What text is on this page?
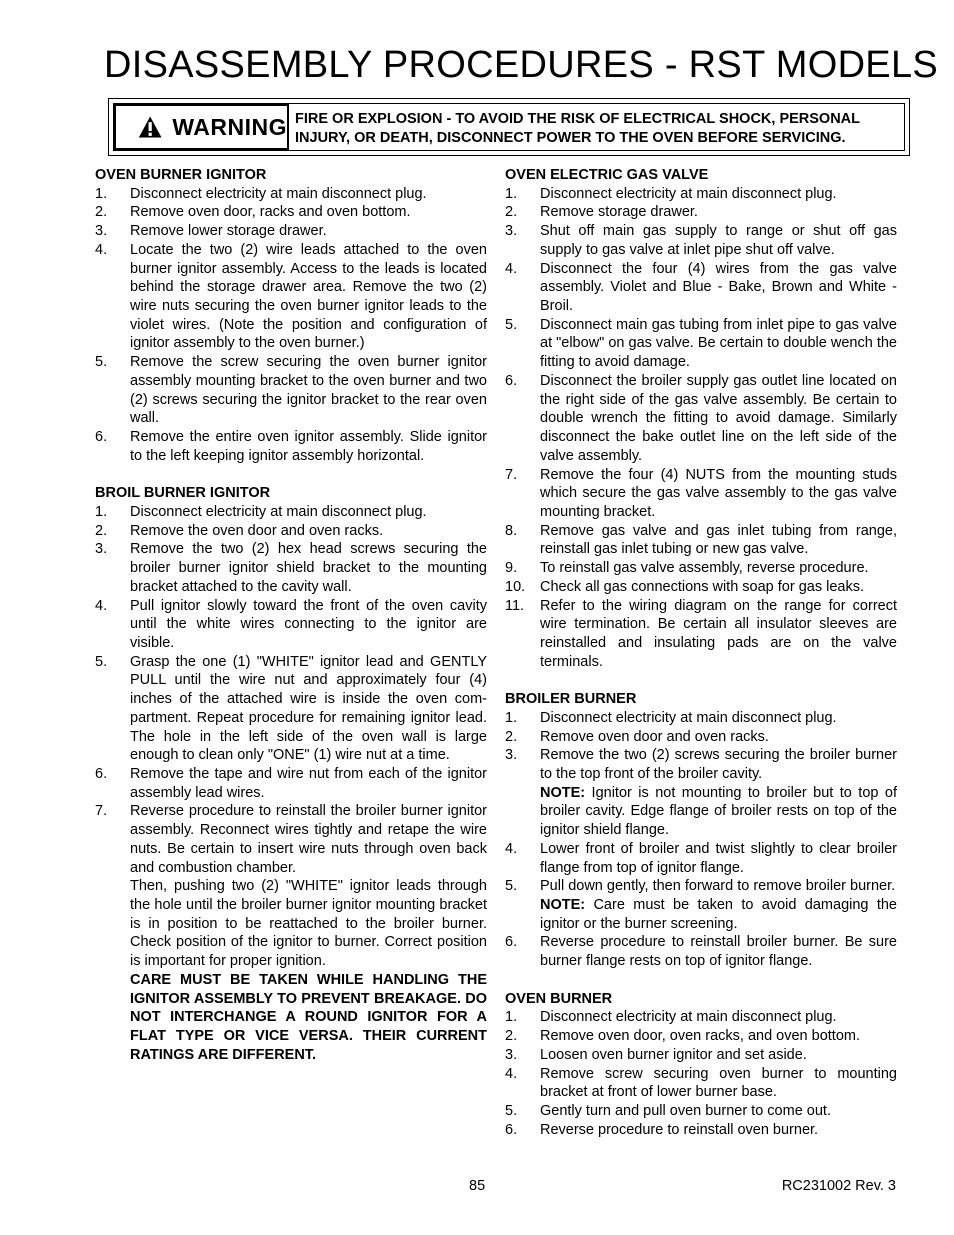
DISASSEMBLY PROCEDURES - RST MODELS
WARNING FIRE OR EXPLOSION - TO AVOID THE RISK OF ELECTRICAL SHOCK, PERSONAL INJURY, OR DEATH, DISCONNECT POWER TO THE OVEN BEFORE SERVICING.
OVEN BURNER IGNITOR
1.	Disconnect electricity at main disconnect plug.
2.	Remove oven door, racks and oven bottom.
3.	Remove lower storage drawer.
4.	Locate the two (2) wire leads attached to the oven burner ignitor assembly. Access to the leads is located behind the storage drawer area. Remove the two (2) wire nuts securing the oven burner ignitor leads to the violet wires. (Note the position and configuration of ignitor assembly to the oven burner.)
5.	Remove the screw securing the oven burner ignitor assembly mounting bracket to the oven burner and two (2) screws securing the ignitor bracket to the rear oven wall.
6.	Remove the entire oven ignitor assembly. Slide ignitor to the left keeping ignitor assembly horizontal.
BROIL BURNER IGNITOR
1.	Disconnect electricity at main disconnect plug.
2.	Remove the oven door and oven racks.
3.	Remove the two (2) hex head screws securing the broiler burner ignitor shield bracket to the mounting bracket attached to the cavity wall.
4.	Pull ignitor slowly toward the front of the oven cavity until the white wires connecting to the ignitor are visible.
5.	Grasp the one (1) "WHITE" ignitor lead and GENTLY PULL until the wire nut and approximately four (4) inches of the attached wire is inside the oven com-partment. Repeat procedure for remaining ignitor lead. The hole in the left side of the oven wall is large enough to clean only "ONE" (1) wire nut at a time.
6.	Remove the tape and wire nut from each of the ignitor assembly lead wires.
7.	Reverse procedure to reinstall the broiler burner ignitor assembly. Reconnect wires tightly and retape the wire nuts. Be certain to insert wire nuts through oven back and combustion chamber.
Then, pushing two (2) "WHITE" ignitor leads through the hole until the broiler burner ignitor mounting bracket is in position to be reattached to the broiler burner. Check position of the ignitor to burner. Correct position is important for proper ignition.
CARE MUST BE TAKEN WHILE HANDLING THE IGNITOR ASSEMBLY TO PREVENT BREAKAGE. DO NOT INTERCHANGE A ROUND IGNITOR FOR A FLAT TYPE OR VICE VERSA. THEIR CURRENT RATINGS ARE DIFFERENT.
OVEN ELECTRIC GAS VALVE
1.	Disconnect electricity at main disconnect plug.
2.	Remove storage drawer.
3.	Shut off main gas supply to range or shut off gas supply to gas valve at inlet pipe shut off valve.
4.	Disconnect the four (4) wires from the gas valve assembly. Violet and Blue - Bake, Brown and White - Broil.
5.	Disconnect main gas tubing from inlet pipe to gas valve at "elbow" on gas valve. Be certain to double wench the fitting to avoid damage.
6.	Disconnect the broiler supply gas outlet line located on the right side of the gas valve assembly. Be certain to double wrench the fitting to avoid damage. Similarly disconnect the bake outlet line on the left side of the valve assembly.
7.	Remove the four (4) NUTS from the mounting studs which secure the gas valve assembly to the gas valve mounting bracket.
8.	Remove gas valve and gas inlet tubing from range, reinstall gas inlet tubing or new gas valve.
9.	To reinstall gas valve assembly, reverse procedure.
10.	Check all gas connections with soap for gas leaks.
11.	Refer to the wiring diagram on the range for correct wire termination. Be certain all insulator sleeves are reinstalled and insulating pads are on the valve terminals.
BROILER BURNER
1.	Disconnect electricity at main disconnect plug.
2.	Remove oven door and oven racks.
3.	Remove the two (2) screws securing the broiler burner to the top front of the broiler cavity.
NOTE: Ignitor is not mounting to broiler but to top of broiler cavity. Edge flange of broiler rests on top of the ignitor shield flange.
4.	Lower front of broiler and twist slightly to clear broiler flange from top of ignitor flange.
5.	Pull down gently, then forward to remove broiler burner.
NOTE: Care must be taken to avoid damaging the ignitor or the burner screening.
6.	Reverse procedure to reinstall broiler burner. Be sure burner flange rests on top of ignitor flange.
OVEN BURNER
1.	Disconnect electricity at main disconnect plug.
2.	Remove oven door, oven racks, and oven bottom.
3.	Loosen oven burner ignitor and set aside.
4.	Remove screw securing oven burner to mounting bracket at front of lower burner base.
5.	Gently turn and pull oven burner to come out.
6.	Reverse procedure to reinstall oven burner.
85	RC231002 Rev. 3
